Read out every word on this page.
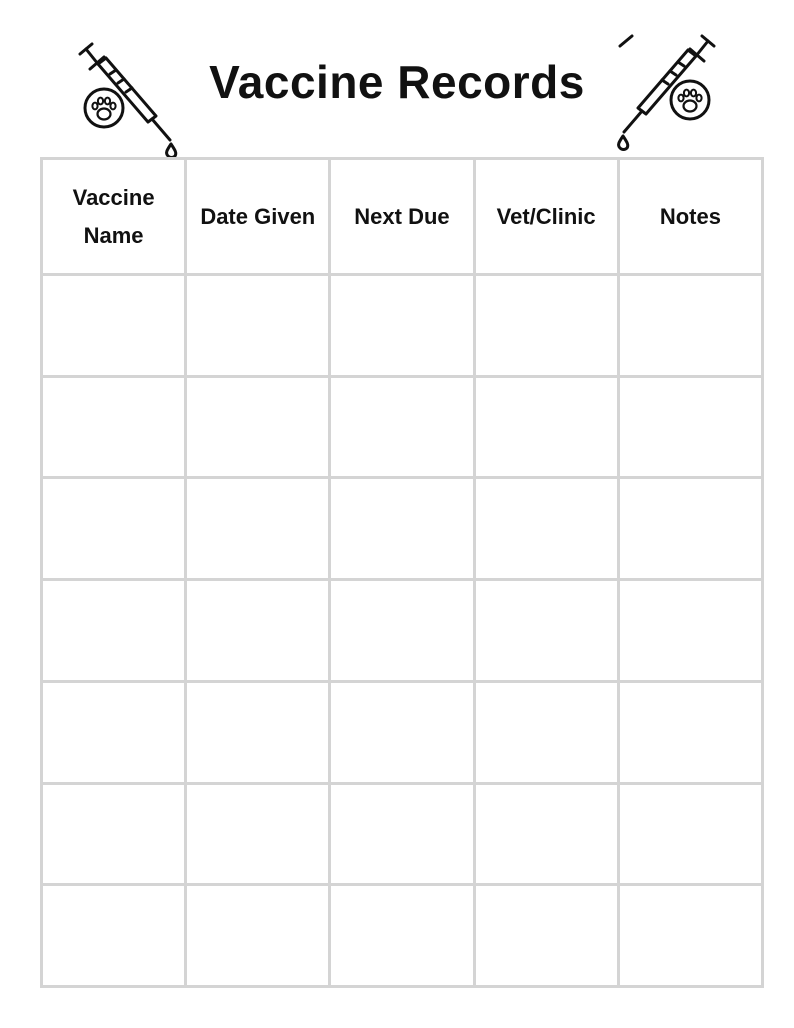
Vaccine Records
Vaccine Name	Date Given	Next Due	Vet/Clinic	Notes
